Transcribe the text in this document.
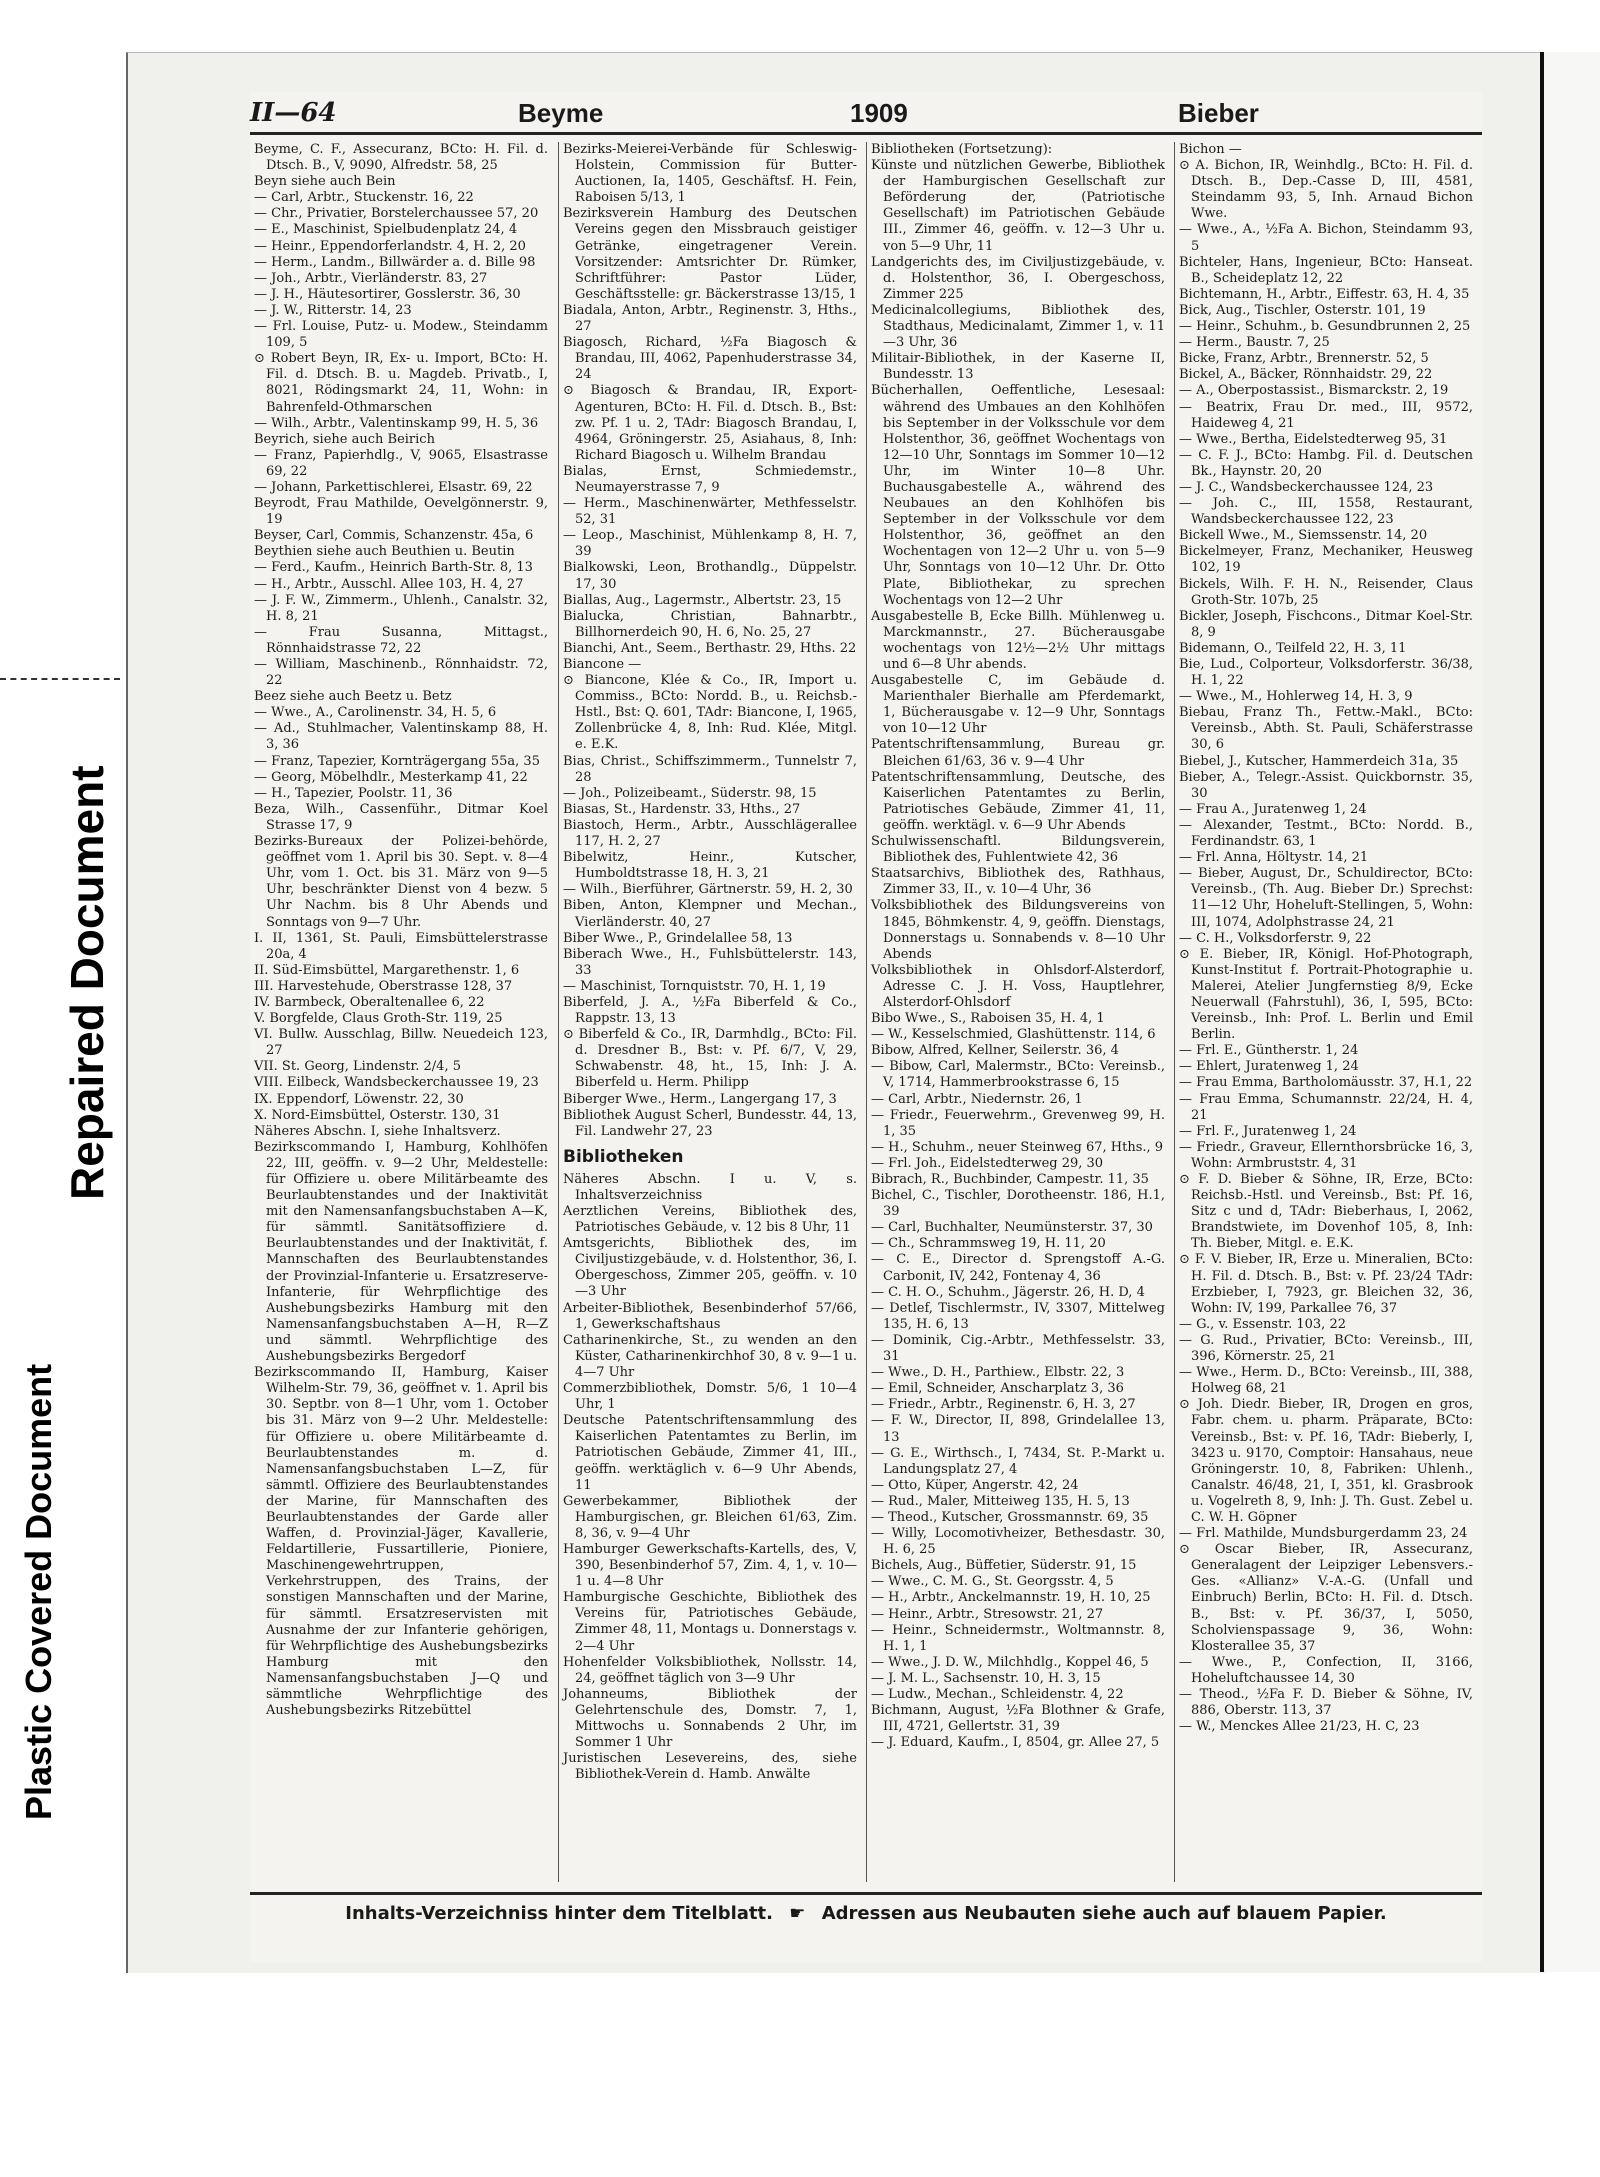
Plastic Covered Document
Repaired Document
II—64	Beyme	1909	Bieber

Beyme, C. F., Assecuranz, BCto: H. Fil. d. Dtsch. B., V, 9090, Alfredstr. 58, 25

Beyn siehe auch Bein

— Carl, Arbtr., Stuckenstr. 16, 22

— Chr., Privatier, Borstelerchaussee 57, 20

— E., Maschinist, Spielbudenplatz 24, 4

— Heinr., Eppendorferlandstr. 4, H. 2, 20

— Herm., Landm., Billwärder a. d. Bille 98

— Joh., Arbtr., Vierländerstr. 83, 27

— J. H., Häutesortirer, Gosslerstr. 36, 30

— J. W., Ritterstr. 14, 23

— Frl. Louise, Putz- u. Modew., Steindamm 109, 5

⊙ Robert Beyn, IR, Ex- u. Import, BCto: H. Fil. d. Dtsch. B. u. Magdeb. Privatb., I, 8021, Rödingsmarkt 24, 11, Wohn: in Bahrenfeld-Othmarschen

— Wilh., Arbtr., Valentinskamp 99, H. 5, 36

Beyrich, siehe auch Beirich

— Franz, Papierhdlg., V, 9065, Elsastrasse 69, 22

— Johann, Parkettischlerei, Elsastr. 69, 22

Beyrodt, Frau Mathilde, Oevelgönnerstr. 9, 19

Beyser, Carl, Commis, Schanzenstr. 45a, 6

Beythien siehe auch Beuthien u. Beutin

— Ferd., Kaufm., Heinrich Barth-Str. 8, 13

— H., Arbtr., Ausschl. Allee 103, H. 4, 27

— J. F. W., Zimmerm., Uhlenh., Canalstr. 32, H. 8, 21

— Frau Susanna, Mittagst., Rönnhaidstrasse 72, 22

— William, Maschinenb., Rönnhaidstr. 72, 22

Beez siehe auch Beetz u. Betz

— Wwe., A., Carolinenstr. 34, H. 5, 6

— Ad., Stuhlmacher, Valentinskamp 88, H. 3, 36

— Franz, Tapezier, Kornträgergang 55a, 35

— Georg, Möbelhdlr., Mesterkamp 41, 22

— H., Tapezier, Poolstr. 11, 36

Beza, Wilh., Cassenführ., Ditmar Koel Strasse 17, 9

Bezirks-Bureaux der Polizei-behörde, geöffnet vom 1. April bis 30. Sept. v. 8—4 Uhr, vom 1. Oct. bis 31. März von 9—5 Uhr, beschränkter Dienst von 4 bezw. 5 Uhr Nachm. bis 8 Uhr Abends und Sonntags von 9—7 Uhr.

I. II, 1361, St. Pauli, Eimsbüttelerstrasse 20a, 4

II. Süd-Eimsbüttel, Margarethenstr. 1, 6

III. Harvestehude, Oberstrasse 128, 37

IV. Barmbeck, Oberaltenallee 6, 22

V. Borgfelde, Claus Groth-Str. 119, 25

VI. Bullw. Ausschlag, Billw. Neuedeich 123, 27

VII. St. Georg, Lindenstr. 2/4, 5

VIII. Eilbeck, Wandsbeckerchaussee 19, 23

IX. Eppendorf, Löwenstr. 22, 30

X. Nord-Eimsbüttel, Osterstr. 130, 31

Näheres Abschn. I, siehe Inhaltsverz.

Bezirkscommando I, Hamburg, Kohlhöfen 22, III, geöffn. v. 9—2 Uhr, Meldestelle: für Offiziere u. obere Militärbeamte des Beurlaubtenstandes und der Inaktivität mit den Namensanfangsbuchstaben A—K, für sämmtl. Sanitätsoffiziere d. Beurlaubtenstandes und der Inaktivität, f. Mannschaften des Beurlaubtenstandes der Provinzial-Infanterie u. Ersatzreserve-Infanterie, für Wehrpflichtige des Aushebungsbezirks Hamburg mit den Namensanfangsbuchstaben A—H, R—Z und sämmtl. Wehrpflichtige des Aushebungsbezirks Bergedorf

Bezirkscommando II, Hamburg, Kaiser Wilhelm-Str. 79, 36, geöffnet v. 1. April bis 30. Septbr. von 8—1 Uhr, vom 1. October bis 31. März von 9—2 Uhr. Meldestelle: für Offiziere u. obere Militärbeamte d. Beurlaubtenstandes m. d. Namensanfangsbuchstaben L—Z, für sämmtl. Offiziere des Beurlaubtenstandes der Marine, für Mannschaften des Beurlaubtenstandes der Garde aller Waffen, d. Provinzial-Jäger, Kavallerie, Feldartillerie, Fussartillerie, Pioniere, Maschinengewehrtruppen, Verkehrstruppen, des Trains, der sonstigen Mannschaften und der Marine, für sämmtl. Ersatzreservisten mit Ausnahme der zur Infanterie gehörigen, für Wehrpflichtige des Aushebungsbezirks Hamburg mit den Namensanfangsbuchstaben J—Q und sämmtliche Wehrpflichtige des Aushebungsbezirks Ritzebüttel

Bezirks-Meierei-Verbände für Schleswig-Holstein, Commission für Butter-Auctionen, Ia, 1405, Geschäftsf. H. Fein, Raboisen 5/13, 1

Bezirksverein Hamburg des Deutschen Vereins gegen den Missbrauch geistiger Getränke, eingetragener Verein. Vorsitzender: Amtsrichter Dr. Rümker, Schriftführer: Pastor Lüder, Geschäftsstelle: gr. Bäckerstrasse 13/15, 1

Biadala, Anton, Arbtr., Reginenstr. 3, Hths., 27

Biagosch, Richard, ½Fa Biagosch & Brandau, III, 4062, Papenhuderstrasse 34, 24

⊙ Biagosch & Brandau, IR, Export-Agenturen, BCto: H. Fil. d. Dtsch. B., Bst: zw. Pf. 1 u. 2, TAdr: Biagosch Brandau, I, 4964, Gröningerstr. 25, Asiahaus, 8, Inh: Richard Biagosch u. Wilhelm Brandau

Bialas, Ernst, Schmiedemstr., Neumayerstrasse 7, 9

— Herm., Maschinenwärter, Methfesselstr. 52, 31

— Leop., Maschinist, Mühlenkamp 8, H. 7, 39

Bialkowski, Leon, Brothandlg., Düppelstr. 17, 30

Biallas, Aug., Lagermstr., Albertstr. 23, 15

Bialucka, Christian, Bahnarbtr., Billhornerdeich 90, H. 6, No. 25, 27

Bianchi, Ant., Seem., Berthastr. 29, Hths. 22

Biancone —

⊙ Biancone, Klée & Co., IR, Import u. Commiss., BCto: Nordd. B., u. Reichsb.-Hstl., Bst: Q. 601, TAdr: Biancone, I, 1965, Zollenbrücke 4, 8, Inh: Rud. Klée, Mitgl. e. E.K.

Bias, Christ., Schiffszimmerm., Tunnelstr 7, 28

— Joh., Polizeibeamt., Süderstr. 98, 15

Biasas, St., Hardenstr. 33, Hths., 27

Biastoch, Herm., Arbtr., Ausschlägerallee 117, H. 2, 27

Bibelwitz, Heinr., Kutscher, Humboldtstrasse 18, H. 3, 21

— Wilh., Bierführer, Gärtnerstr. 59, H. 2, 30

Biben, Anton, Klempner und Mechan., Vierländerstr. 40, 27

Biber Wwe., P., Grindelallee 58, 13

Biberach Wwe., H., Fuhlsbüttelerstr. 143, 33

— Maschinist, Tornquiststr. 70, H. 1, 19

Biberfeld, J. A., ½Fa Biberfeld & Co., Rappstr. 13, 13

⊙ Biberfeld & Co., IR, Darmhdlg., BCto: Fil. d. Dresdner B., Bst: v. Pf. 6/7, V, 29, Schwabenstr. 48, ht., 15, Inh: J. A. Biberfeld u. Herm. Philipp

Biberger Wwe., Herm., Langergang 17, 3

Bibliothek August Scherl, Bundesstr. 44, 13, Fil. Landwehr 27, 23

Bibliotheken

Näheres Abschn. I u. V, s. Inhaltsverzeichniss

Aerztlichen Vereins, Bibliothek des, Patriotisches Gebäude, v. 12 bis 8 Uhr, 11

Amtsgerichts, Bibliothek des, im Civiljustizgebäude, v. d. Holstenthor, 36, I. Obergeschoss, Zimmer 205, geöffn. v. 10—3 Uhr

Arbeiter-Bibliothek, Besenbinderhof 57/66, 1, Gewerkschaftshaus

Catharinenkirche, St., zu wenden an den Küster, Catharinenkirchhof 30, 8 v. 9—1 u. 4—7 Uhr

Commerzbibliothek, Domstr. 5/6, 1 10—4 Uhr, 1

Deutsche Patentschriftensammlung des Kaiserlichen Patentamtes zu Berlin, im Patriotischen Gebäude, Zimmer 41, III., geöffn. werktäglich v. 6—9 Uhr Abends, 11

Gewerbekammer, Bibliothek der Hamburgischen, gr. Bleichen 61/63, Zim. 8, 36, v. 9—4 Uhr

Hamburger Gewerkschafts-Kartells, des, V, 390, Besenbinderhof 57, Zim. 4, 1, v. 10—1 u. 4—8 Uhr

Hamburgische Geschichte, Bibliothek des Vereins für, Patriotisches Gebäude, Zimmer 48, 11, Montags u. Donnerstags v. 2—4 Uhr

Hohenfelder Volksbibliothek, Nollsstr. 14, 24, geöffnet täglich von 3—9 Uhr

Johanneums, Bibliothek der Gelehrtenschule des, Domstr. 7, 1, Mittwochs u. Sonnabends 2 Uhr, im Sommer 1 Uhr

Juristischen Lesevereins, des, siehe Bibliothek-Verein d. Hamb. Anwälte

Bibliotheken (Fortsetzung):

Künste und nützlichen Gewerbe, Bibliothek der Hamburgischen Gesellschaft zur Beförderung der, (Patriotische Gesellschaft) im Patriotischen Gebäude III., Zimmer 46, geöffn. v. 12—3 Uhr u. von 5—9 Uhr, 11

Landgerichts des, im Civiljustizgebäude, v. d. Holstenthor, 36, I. Obergeschoss, Zimmer 225

Medicinalcollegiums, Bibliothek des, Stadthaus, Medicinalamt, Zimmer 1, v. 11—3 Uhr, 36

Militair-Bibliothek, in der Kaserne II, Bundesstr. 13

Bücherhallen, Oeffentliche, Lesesaal: während des Umbaues an den Kohlhöfen bis September in der Volksschule vor dem Holstenthor, 36, geöffnet Wochentags von 12—10 Uhr, Sonntags im Sommer 10—12 Uhr, im Winter 10—8 Uhr. Buchausgabestelle A., während des Neubaues an den Kohlhöfen bis September in der Volksschule vor dem Holstenthor, 36, geöffnet an den Wochentagen von 12—2 Uhr u. von 5—9 Uhr, Sonntags von 10—12 Uhr. Dr. Otto Plate, Bibliothekar, zu sprechen Wochentags von 12—2 Uhr

Ausgabestelle B, Ecke Billh. Mühlenweg u. Marckmannstr., 27. Bücherausgabe wochentags von 12½—2½ Uhr mittags und 6—8 Uhr abends.

Ausgabestelle C, im Gebäude d. Marienthaler Bierhalle am Pferdemarkt, 1, Bücherausgabe v. 12—9 Uhr, Sonntags von 10—12 Uhr

Patentschriftensammlung, Bureau gr. Bleichen 61/63, 36 v. 9—4 Uhr

Patentschriftensammlung, Deutsche, des Kaiserlichen Patentamtes zu Berlin, Patriotisches Gebäude, Zimmer 41, 11, geöffn. werktägl. v. 6—9 Uhr Abends

Schulwissenschaftl. Bildungsverein, Bibliothek des, Fuhlentwiete 42, 36

Staatsarchivs, Bibliothek des, Rathhaus, Zimmer 33, II., v. 10—4 Uhr, 36

Volksbibliothek des Bildungsvereins von 1845, Böhmkenstr. 4, 9, geöffn. Dienstags, Donnerstags u. Sonnabends v. 8—10 Uhr Abends

Volksbibliothek in Ohlsdorf-Alsterdorf, Adresse C. J. H. Voss, Hauptlehrer, Alsterdorf-Ohlsdorf

Bibo Wwe., S., Raboisen 35, H. 4, 1

— W., Kesselschmied, Glashüttenstr. 114, 6

Bibow, Alfred, Kellner, Seilerstr. 36, 4

— Bibow, Carl, Malermstr., BCto: Vereinsb., V, 1714, Hammerbrookstrasse 6, 15

— Carl, Arbtr., Niedernstr. 26, 1

— Friedr., Feuerwehrm., Grevenweg 99, H. 1, 35

— H., Schuhm., neuer Steinweg 67, Hths., 9

— Frl. Joh., Eidelstedterweg 29, 30

Bibrach, R., Buchbinder, Campestr. 11, 35

Bichel, C., Tischler, Dorotheenstr. 186, H.1, 39

— Carl, Buchhalter, Neumünsterstr. 37, 30

— Ch., Schrammsweg 19, H. 11, 20

— C. E., Director d. Sprengstoff A.-G. Carbonit, IV, 242, Fontenay 4, 36

— C. H. O., Schuhm., Jägerstr. 26, H. D, 4

— Detlef, Tischlermstr., IV, 3307, Mittelweg 135, H. 6, 13

— Dominik, Cig.-Arbtr., Methfesselstr. 33, 31

— Wwe., D. H., Parthiew., Elbstr. 22, 3

— Emil, Schneider, Anscharplatz 3, 36

— Friedr., Arbtr., Reginenstr. 6, H. 3, 27

— F. W., Director, II, 898, Grindelallee 13, 13

— G. E., Wirthsch., I, 7434, St. P.-Markt u. Landungsplatz 27, 4

— Otto, Küper, Angerstr. 42, 24

— Rud., Maler, Mitteiweg 135, H. 5, 13

— Theod., Kutscher, Grossmannstr. 69, 35

— Willy, Locomotivheizer, Bethesdastr. 30, H. 6, 25

Bichels, Aug., Büffetier, Süderstr. 91, 15

— Wwe., C. M. G., St. Georgsstr. 4, 5

— H., Arbtr., Anckelmannstr. 19, H. 10, 25

— Heinr., Arbtr., Stresowstr. 21, 27

— Heinr., Schneidermstr., Woltmannstr. 8, H. 1, 1

— Wwe., J. D. W., Milchhdlg., Koppel 46, 5

— J. M. L., Sachsenstr. 10, H. 3, 15

— Ludw., Mechan., Schleidenstr. 4, 22

Bichmann, August, ½Fa Blothner & Grafe, III, 4721, Gellertstr. 31, 39

— J. Eduard, Kaufm., I, 8504, gr. Allee 27, 5

Bichon —

⊙ A. Bichon, IR, Weinhdlg., BCto: H. Fil. d. Dtsch. B., Dep.-Casse D, III, 4581, Steindamm 93, 5, Inh. Arnaud Bichon Wwe.

— Wwe., A., ½Fa A. Bichon, Steindamm 93, 5

Bichteler, Hans, Ingenieur, BCto: Hanseat. B., Scheideplatz 12, 22

Bichtemann, H., Arbtr., Eiffestr. 63, H. 4, 35

Bick, Aug., Tischler, Osterstr. 101, 19

— Heinr., Schuhm., b. Gesundbrunnen 2, 25

— Herm., Baustr. 7, 25

Bicke, Franz, Arbtr., Brennerstr. 52, 5

Bickel, A., Bäcker, Rönnhaidstr. 29, 22

— A., Oberpostassist., Bismarckstr. 2, 19

— Beatrix, Frau Dr. med., III, 9572, Haideweg 4, 21

— Wwe., Bertha, Eidelstedterweg 95, 31

— C. F. J., BCto: Hambg. Fil. d. Deutschen Bk., Haynstr. 20, 20

— J. C., Wandsbeckerchaussee 124, 23

— Joh. C., III, 1558, Restaurant, Wandsbeckerchaussee 122, 23

Bickell Wwe., M., Siemssenstr. 14, 20

Bickelmeyer, Franz, Mechaniker, Heusweg 102, 19

Bickels, Wilh. F. H. N., Reisender, Claus Groth-Str. 107b, 25

Bickler, Joseph, Fischcons., Ditmar Koel-Str. 8, 9

Bidemann, O., Teilfeld 22, H. 3, 11

Bie, Lud., Colporteur, Volksdorferstr. 36/38, H. 1, 22

— Wwe., M., Hohlerweg 14, H. 3, 9

Biebau, Franz Th., Fettw.-Makl., BCto: Vereinsb., Abth. St. Pauli, Schäferstrasse 30, 6

Biebel, J., Kutscher, Hammerdeich 31a, 35

Bieber, A., Telegr.-Assist. Quickbornstr. 35, 30

— Frau A., Juratenweg 1, 24

— Alexander, Testmt., BCto: Nordd. B., Ferdinandstr. 63, 1

— Frl. Anna, Höltystr. 14, 21

— Bieber, August, Dr., Schuldirector, BCto: Vereinsb., (Th. Aug. Bieber Dr.) Sprechst: 11—12 Uhr, Hoheluft-Stellingen, 5, Wohn: III, 1074, Adolphstrasse 24, 21

— C. H., Volksdorferstr. 9, 22

⊙ E. Bieber, IR, Königl. Hof-Photograph, Kunst-Institut f. Portrait-Photographie u. Malerei, Atelier Jungfernstieg 8/9, Ecke Neuerwall (Fahrstuhl), 36, I, 595, BCto: Vereinsb., Inh: Prof. L. Berlin und Emil Berlin.

— Frl. E., Güntherstr. 1, 24

— Ehlert, Juratenweg 1, 24

— Frau Emma, Bartholomäusstr. 37, H.1, 22

— Frau Emma, Schumannstr. 22/24, H. 4, 21

— Frl. F., Juratenweg 1, 24

— Friedr., Graveur, Ellernthorsbrücke 16, 3, Wohn: Armbruststr. 4, 31

⊙ F. D. Bieber & Söhne, IR, Erze, BCto: Reichsb.-Hstl. und Vereinsb., Bst: Pf. 16, Sitz c und d, TAdr: Bieberhaus, I, 2062, Brandstwiete, im Dovenhof 105, 8, Inh: Th. Bieber, Mitgl. e. E.K.

⊙ F. V. Bieber, IR, Erze u. Mineralien, BCto: H. Fil. d. Dtsch. B., Bst: v. Pf. 23/24 TAdr: Erzbieber, I, 7923, gr. Bleichen 32, 36, Wohn: IV, 199, Parkallee 76, 37

— G., v. Essenstr. 103, 22

— G. Rud., Privatier, BCto: Vereinsb., III, 396, Körnerstr. 25, 21

— Wwe., Herm. D., BCto: Vereinsb., III, 388, Holweg 68, 21

⊙ Joh. Diedr. Bieber, IR, Drogen en gros, Fabr. chem. u. pharm. Präparate, BCto: Vereinsb., Bst: v. Pf. 16, TAdr: Bieberly, I, 3423 u. 9170, Comptoir: Hansahaus, neue Gröningerstr. 10, 8, Fabriken: Uhlenh., Canalstr. 46/48, 21, I, 351, kl. Grasbrook u. Vogelreth 8, 9, Inh: J. Th. Gust. Zebel u. C. W. H. Göpner

— Frl. Mathilde, Mundsburgerdamm 23, 24

⊙ Oscar Bieber, IR, Assecuranz, Generalagent der Leipziger Lebensvers.-Ges. «Allianz» V.-A.-G. (Unfall und Einbruch) Berlin, BCto: H. Fil. d. Dtsch. B., Bst: v. Pf. 36/37, I, 5050, Scholvienspassage 9, 36, Wohn: Klosterallee 35, 37

— Wwe., P., Confection, II, 3166, Hoheluftchaussee 14, 30

— Theod., ½Fa F. D. Bieber & Söhne, IV, 886, Oberstr. 113, 37

— W., Menckes Allee 21/23, H. C, 23

Inhalts-Verzeichniss hinter dem Titelblatt. ☛ Adressen aus Neubauten siehe auch auf blauem Papier.
